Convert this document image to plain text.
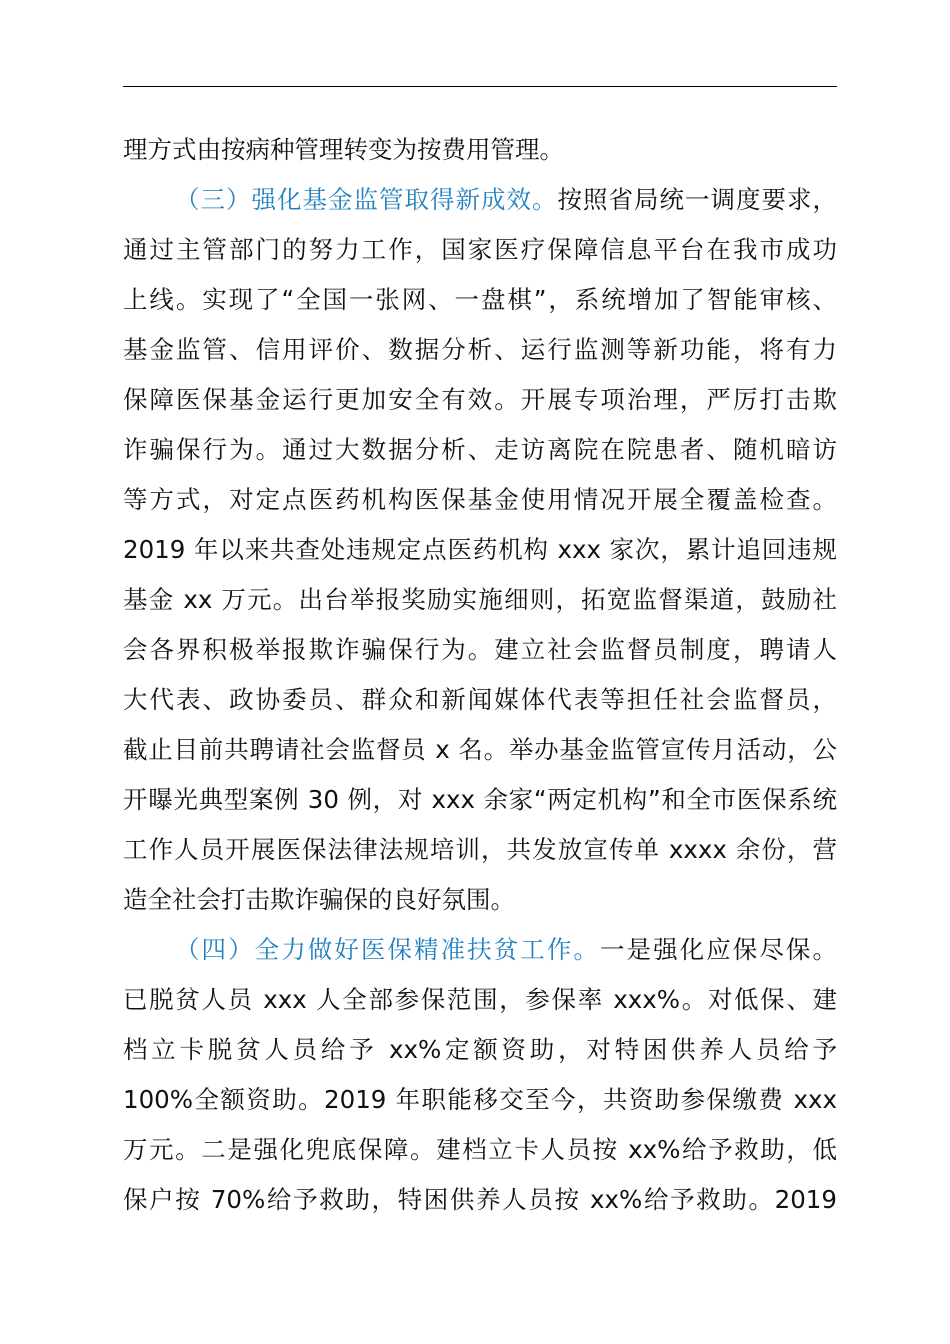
理方式由按病种管理转变为按费用管理。
（三）强化基金监管取得新成效。按照省局统一调度要求，
通过主管部门的努力工作，国家医疗保障信息平台在我市成功
上线。实现了“全国一张网、一盘棋”，系统增加了智能审核、
基金监管、信用评价、数据分析、运行监测等新功能，将有力
保障医保基金运行更加安全有效。开展专项治理，严厉打击欺
诈骗保行为。通过大数据分析、走访离院在院患者、随机暗访
等方式，对定点医药机构医保基金使用情况开展全覆盖检查。
2019 年以来共查处违规定点医药机构 xxx 家次，累计追回违规
基金 xx 万元。出台举报奖励实施细则，拓宽监督渠道，鼓励社
会各界积极举报欺诈骗保行为。建立社会监督员制度，聘请人
大代表、政协委员、群众和新闻媒体代表等担任社会监督员，
截止目前共聘请社会监督员 x 名。举办基金监管宣传月活动，公
开曝光典型案例 30 例，对 xxx 余家“两定机构”和全市医保系统
工作人员开展医保法律法规培训，共发放宣传单 xxxx 余份，营
造全社会打击欺诈骗保的良好氛围。
（四）全力做好医保精准扶贫工作。一是强化应保尽保。
已脱贫人员 xxx 人全部参保范围，参保率 xxx%。对低保、建
档立卡脱贫人员给予 xx%定额资助，对特困供养人员给予
100%全额资助。2019 年职能移交至今，共资助参保缴费 xxx
万元。二是强化兜底保障。建档立卡人员按 xx%给予救助，低
保户按 70%给予救助，特困供养人员按 xx%给予救助。2019
